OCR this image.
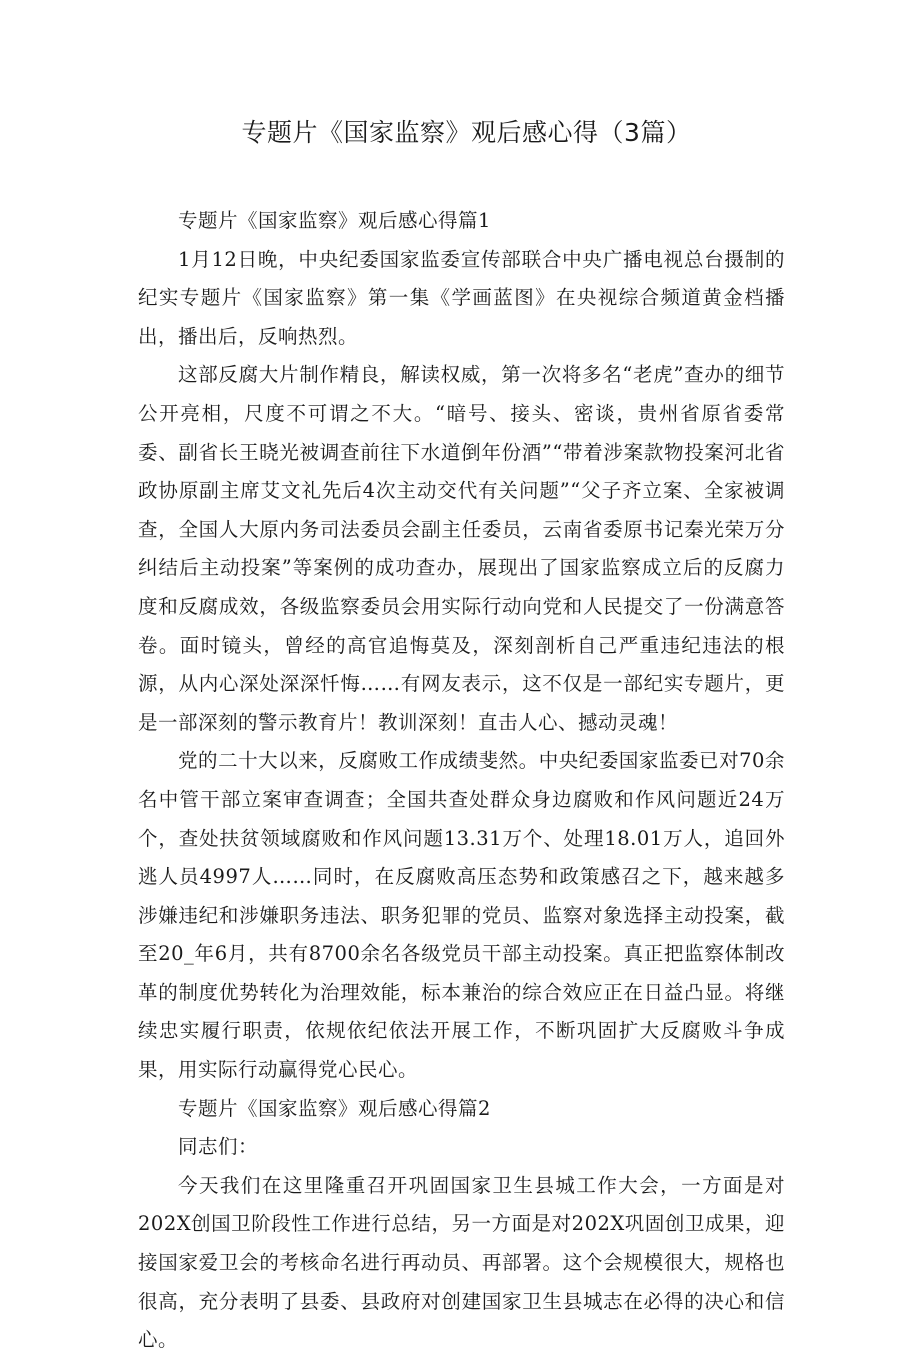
专题片《国家监察》观后感心得（3篇）

专题片《国家监察》观后感心得篇1

1月12日晚，中央纪委国家监委宣传部联合中央广播电视总台摄制的纪实专题片《国家监察》第一集《学画蓝图》在央视综合频道黄金档播出，播出后，反响热烈。

这部反腐大片制作精良，解读权威，第一次将多名“老虎”查办的细节公开亮相，尺度不可谓之不大。“暗号、接头、密谈，贵州省原省委常委、副省长王晓光被调查前往下水道倒年份酒”“带着涉案款物投案河北省政协原副主席艾文礼先后4次主动交代有关问题”“父子齐立案、全家被调查，全国人大原内务司法委员会副主任委员，云南省委原书记秦光荣万分纠结后主动投案”等案例的成功查办，展现出了国家监察成立后的反腐力度和反腐成效，各级监察委员会用实际行动向党和人民提交了一份满意答卷。面时镜头，曾经的高官追悔莫及，深刻剖析自己严重违纪违法的根源，从内心深处深深忏悔……有网友表示，这不仅是一部纪实专题片，更是一部深刻的警示教育片！教训深刻！直击人心、撼动灵魂！

党的二十大以来，反腐败工作成绩斐然。中央纪委国家监委已对70余名中管干部立案审查调查；全国共查处群众身边腐败和作风问题近24万个，查处扶贫领域腐败和作风问题13.31万个、处理18.01万人，追回外逃人员4997人……同时，在反腐败高压态势和政策感召之下，越来越多涉嫌违纪和涉嫌职务违法、职务犯罪的党员、监察对象选择主动投案，截至20_年6月，共有8700余名各级党员干部主动投案。真正把监察体制改革的制度优势转化为治理效能，标本兼治的综合效应正在日益凸显。将继续忠实履行职责，依规依纪依法开展工作，不断巩固扩大反腐败斗争成果，用实际行动赢得党心民心。

专题片《国家监察》观后感心得篇2

同志们：

今天我们在这里隆重召开巩固国家卫生县城工作大会，一方面是对202X创国卫阶段性工作进行总结，另一方面是对202X巩固创卫成果，迎接国家爱卫会的考核命名进行再动员、再部署。这个会规模很大，规格也很高，充分表明了县委、县政府对创建国家卫生县城志在必得的决心和信心。
